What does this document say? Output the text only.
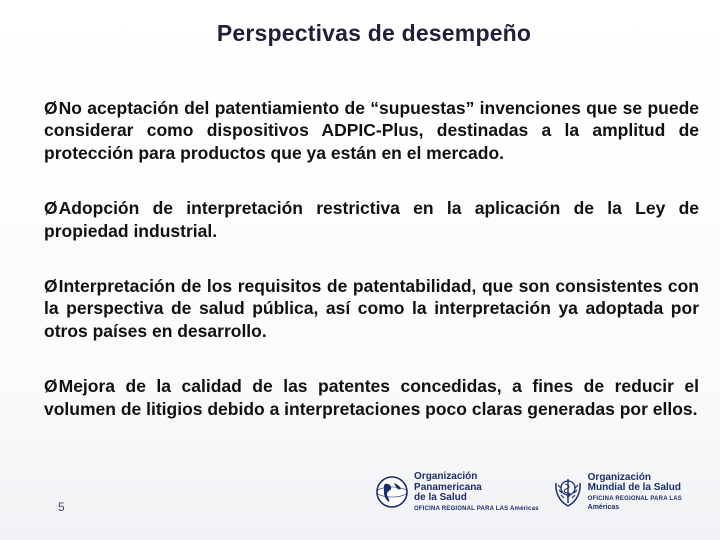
Perspectivas de desempeño

ØNo aceptación del patentiamiento de “supuestas” invenciones que se puede considerar como dispositivos ADPIC-Plus, destinadas a la amplitud de protección para productos que ya están en el mercado.

ØAdopción de interpretación restrictiva en la aplicación de la Ley de propiedad industrial.

ØInterpretación de los requisitos de patentabilidad, que son consistentes con la perspectiva de salud pública, así como la interpretación ya adoptada por otros países en desarrollo.

ØMejora de la calidad de las patentes concedidas, a fines de reducir el volumen de litigios debido a interpretaciones poco claras generadas por ellos.

5
Organización
Panamericana
de la Salud
OFICINA REGIONAL PARA LAS Américas
Organización
Mundial de la Salud
OFICINA REGIONAL PARA LAS
Américas
